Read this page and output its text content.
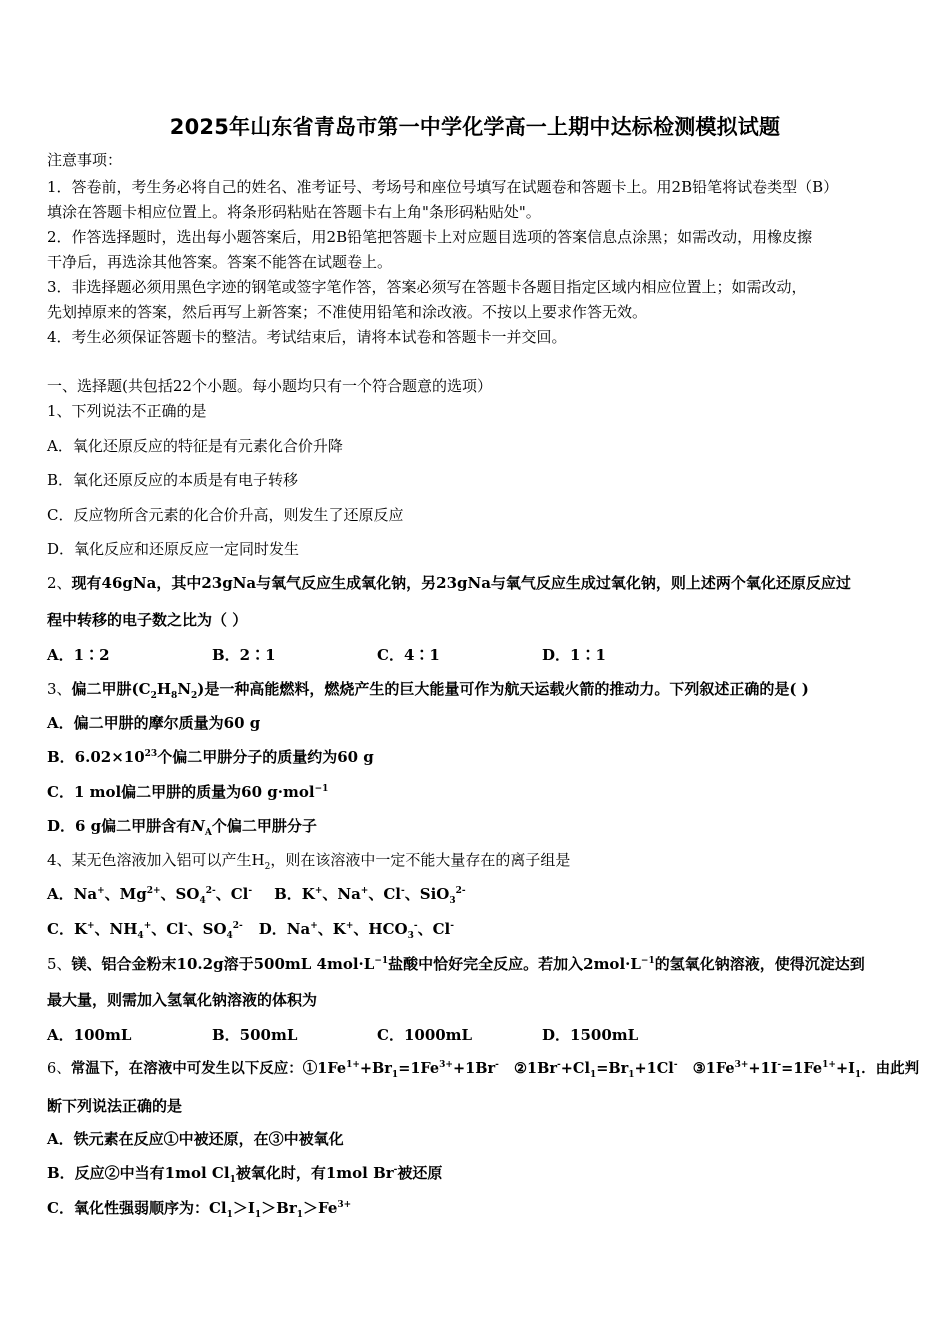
2025年山东省青岛市第一中学化学高一上期中达标检测模拟试题
注意事项：
1．答卷前，考生务必将自己的姓名、准考证号、考场号和座位号填写在试题卷和答题卡上。用2B铅笔将试卷类型（B）
填涂在答题卡相应位置上。将条形码粘贴在答题卡右上角"条形码粘贴处"。
2．作答选择题时，选出每小题答案后，用2B铅笔把答题卡上对应题目选项的答案信息点涂黑；如需改动，用橡皮擦
干净后，再选涂其他答案。答案不能答在试题卷上。
3．非选择题必须用黑色字迹的钢笔或签字笔作答，答案必须写在答题卡各题目指定区域内相应位置上；如需改动，
先划掉原来的答案，然后再写上新答案；不准使用铅笔和涂改液。不按以上要求作答无效。
4．考生必须保证答题卡的整洁。考试结束后，请将本试卷和答题卡一并交回。
一、选择题(共包括22个小题。每小题均只有一个符合题意的选项）
1、下列说法不正确的是
A．氧化还原反应的特征是有元素化合价升降
B．氧化还原反应的本质是有电子转移
C．反应物所含元素的化合价升高，则发生了还原反应
D．氧化反应和还原反应一定同时发生
2、现有46gNa，其中23gNa与氧气反应生成氧化钠，另23gNa与氧气反应生成过氧化钠，则上述两个氧化还原反应过
程中转移的电子数之比为（ ）
A．1∶2	B．2∶1	C．4∶1	D．1∶1
3、偏二甲肼$(C_2H_8N_2)$是一种高能燃料，燃烧产生的巨大能量可作为航天运载火箭的推动力。下列叙述正确的是( )
A．偏二甲肼的摩尔质量为60 g
B．$6.02\times 10^{23}$个偏二甲肼分子的质量约为60 g
C．1 mol偏二甲肼的质量为60 g·mol$^{-1}$
D．6 g偏二甲肼含有$N_A$个偏二甲肼分子
4、某无色溶液加入铝可以产生$H_2$，则在该溶液中一定不能大量存在的离子组是
A．Na+、$Mg^{2+}$、$SO_4^{2-}$、Cl- B．K+、Na+、Cl-、SiO$_3^{2-}$
C．K+、$NH_4^+$、Cl-、$SO_4^{2-}$ D．Na+、K+、$HCO_3^-$、Cl-
5、镁、铝合金粉末10.2g溶于500mL $4mol\cdot L^{-1}$盐酸中恰好完全反应。若加入$2mol\cdot L^{-1}$的氢氧化钠溶液，使得沉淀达到
最大量，则需加入氢氧化钠溶液的体积为
A．100mL	B．500mL	C．1000mL	D．1500mL
6、常温下，在溶液中可发生以下反应：$①1Fe^{1+}+Br_1=1Fe^{3+}+1Br^-$ $②1Br^-+Cl_1=Br_1+1Cl^-$ $③1Fe^{3+}+1I^-=1Fe^{1+}+I_1$．由此判
断下列说法正确的是
A．铁元素在反应①中被还原，在③中被氧化
B．反应②中当有1mol $Cl_1$被氧化时，有1mol Br-被还原
C．氧化性强弱顺序为：$Cl_1>I_1>Br_1>Fe^{3+}$
